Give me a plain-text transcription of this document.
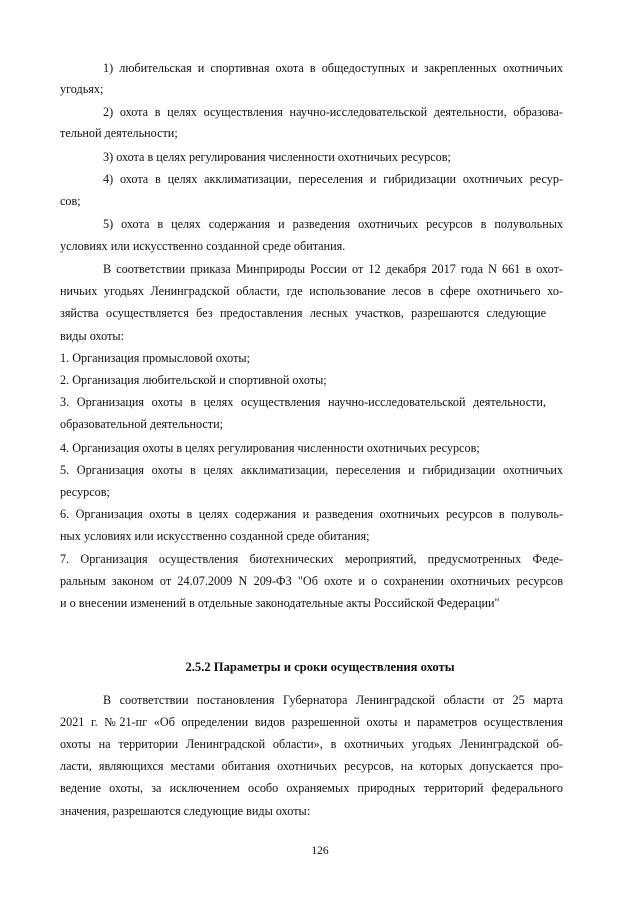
1) любительская и спортивная охота в общедоступных и закрепленных охотничьих
угодьях;
2) охота в целях осуществления научно-исследовательской деятельности, образова-
тельной деятельности;
3) охота в целях регулирования численности охотничьих ресурсов;
4) охота в целях акклиматизации, переселения и гибридизации охотничьих ресур-
сов;
5) охота в целях содержания и разведения охотничьих ресурсов в полувольных
условиях или искусственно созданной среде обитания.
В соответствии приказа Минприроды России от 12 декабря 2017 года N 661 в охот-
ничьих угодьях Ленинградской области, где использование лесов в сфере охотничьего хо-
зяйства осуществляется без предоставления лесных участков, разрешаются следующие
виды охоты:
1. Организация промысловой охоты;
2. Организация любительской и спортивной охоты;
3. Организация охоты в целях осуществления научно-исследовательской деятельности,
образовательной деятельности;
4. Организация охоты в целях регулирования численности охотничьих ресурсов;
5. Организация охоты в целях акклиматизации, переселения и гибридизации охотничьих
ресурсов;
6. Организация охоты в целях содержания и разведения охотничьих ресурсов в полуволь-
ных условиях или искусственно созданной среде обитания;
7. Организация осуществления биотехнических мероприятий, предусмотренных Феде-
ральным законом от 24.07.2009 N 209-ФЗ "Об охоте и о сохранении охотничьих ресурсов
и о внесении изменений в отдельные законодательные акты Российской Федерации"
2.5.2 Параметры и сроки осуществления охоты
В соответствии постановления Губернатора Ленинградской области от 25 марта
2021 г. №21-пг «Об определении видов разрешенной охоты и параметров осуществления
охоты на территории Ленинградской области», в охотничьих угодьях Ленинградской об-
ласти, являющихся местами обитания охотничьих ресурсов, на которых допускается про-
ведение охоты, за исключением особо охраняемых природных территорий федерального
значения, разрешаются следующие виды охоты:
126
